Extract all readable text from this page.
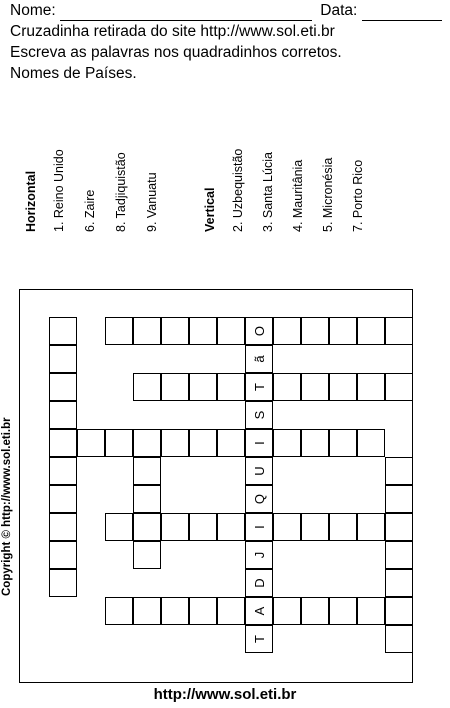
Nome:	Data:
Cruzadinha retirada do site http://www.sol.eti.br
Escreva as palavras nos quadradinhos corretos.
Nomes de Países.
O
T
ã
S
I
U
Q
I
J
D
A
T
Copyright © http://www.sol.eti.br
http://www.sol.eti.br
Horizontal	1. Reino Unido	6. Zaire	8. Tadjiquistão	9. Vanuatu	Vertical	2. Uzbequistão	3. Santa Lúcia	4. Mauritânia	5. Micronésia	7. Porto Rico
